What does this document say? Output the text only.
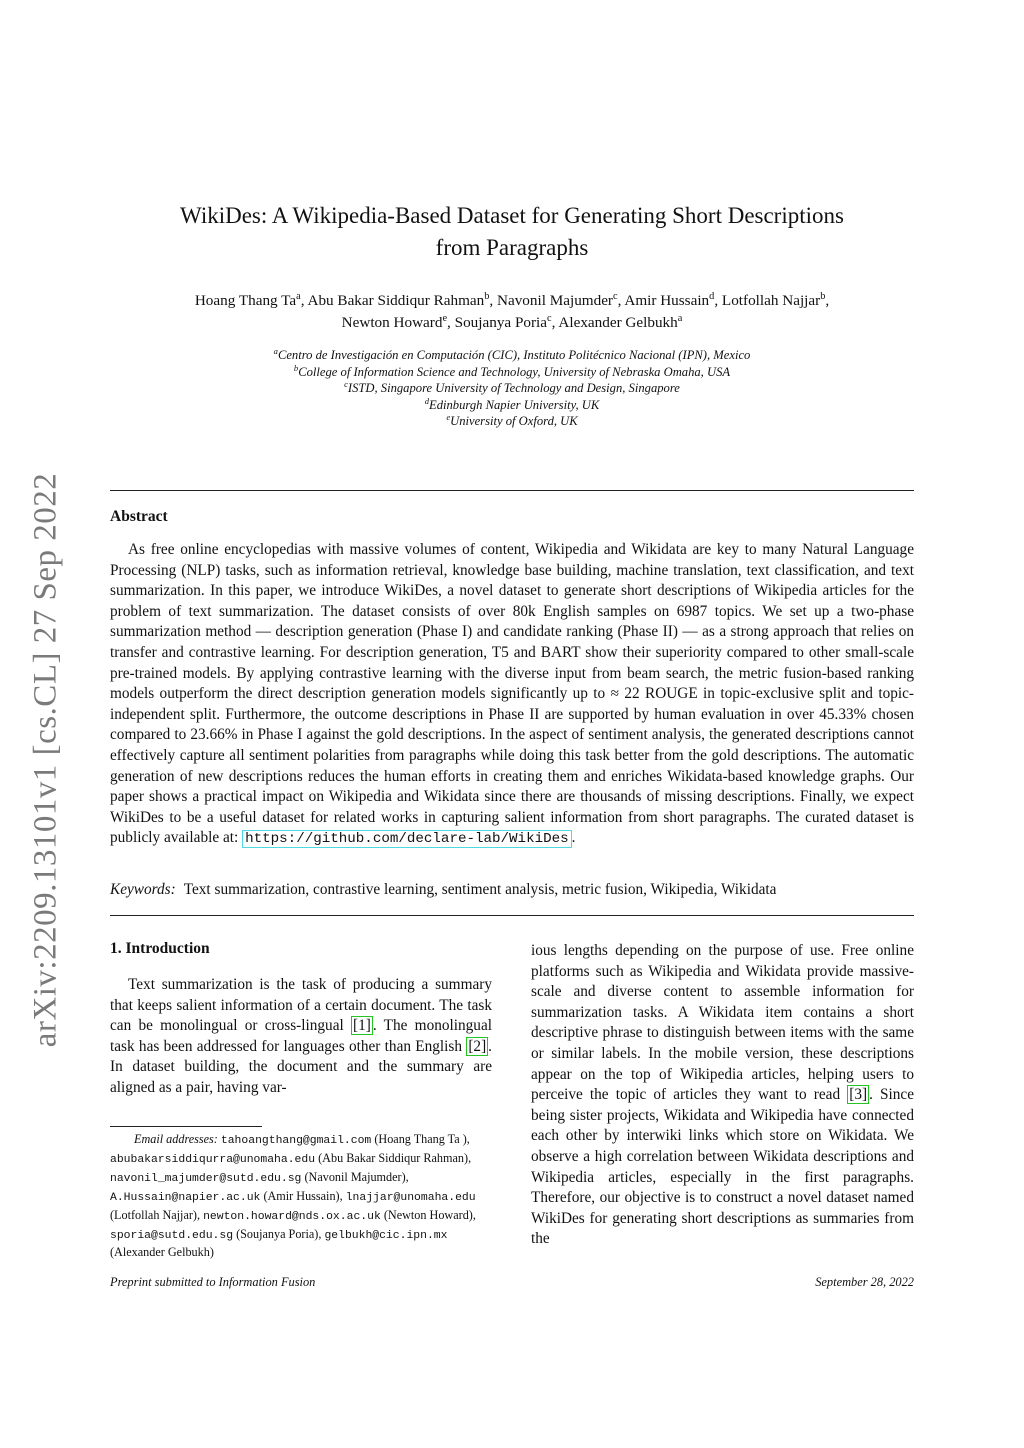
arXiv:2209.13101v1 [cs.CL] 27 Sep 2022
WikiDes: A Wikipedia-Based Dataset for Generating Short Descriptions
from Paragraphs
Hoang Thang Ta$^a$, Abu Bakar Siddiqur Rahman$^b$, Navonil Majumder$^c$, Amir Hussain$^d$, Lotfollah Najjar$^b$,
Newton Howard$^e$, Soujanya Poria$^c$, Alexander Gelbukh$^a$
$^a$Centro de Investigación en Computación (CIC), Instituto Politécnico Nacional (IPN), Mexico
$^b$College of Information Science and Technology, University of Nebraska Omaha, USA
$^c$ISTD, Singapore University of Technology and Design, Singapore
$^d$Edinburgh Napier University, UK
$^e$University of Oxford, UK
Abstract
As free online encyclopedias with massive volumes of content, Wikipedia and Wikidata are key to many Natural Language Processing (NLP) tasks, such as information retrieval, knowledge base building, machine translation, text classification, and text summarization. In this paper, we introduce WikiDes, a novel dataset to generate short descriptions of Wikipedia articles for the problem of text summarization. The dataset consists of over 80k English samples on 6987 topics. We set up a two-phase summarization method — description generation (Phase I) and candidate ranking (Phase II) — as a strong approach that relies on transfer and contrastive learning. For description generation, T5 and BART show their superiority compared to other small-scale pre-trained models. By applying contrastive learning with the diverse input from beam search, the metric fusion-based ranking models outperform the direct description generation models significantly up to ≈ 22 ROUGE in topic-exclusive split and topic-independent split. Furthermore, the outcome descriptions in Phase II are supported by human evaluation in over 45.33% chosen compared to 23.66% in Phase I against the gold descriptions. In the aspect of sentiment analysis, the generated descriptions cannot effectively capture all sentiment polarities from paragraphs while doing this task better from the gold descriptions. The automatic generation of new descriptions reduces the human efforts in creating them and enriches Wikidata-based knowledge graphs. Our paper shows a practical impact on Wikipedia and Wikidata since there are thousands of missing descriptions. Finally, we expect WikiDes to be a useful dataset for related works in capturing salient information from short paragraphs. The curated dataset is publicly available at: https://github.com/declare-lab/WikiDes .
Keywords: Text summarization, contrastive learning, sentiment analysis, metric fusion, Wikipedia, Wikidata
1. Introduction
Text summarization is the task of producing a summary that keeps salient information of a certain document. The task can be monolingual or cross-lingual [1] . The monolingual task has been addressed for languages other than English [2] . In dataset building, the document and the summary are aligned as a pair, having var-
ious lengths depending on the purpose of use. Free online platforms such as Wikipedia and Wikidata provide massive-scale and diverse content to assemble information for summarization tasks. A Wikidata item contains a short descriptive phrase to distinguish between items with the same or similar labels. In the mobile version, these descriptions appear on the top of Wikipedia articles, helping users to perceive the topic of articles they want to read [3] . Since being sister projects, Wikidata and Wikipedia have connected each other by interwiki links which store on Wikidata. We observe a high correlation between Wikidata descriptions and Wikipedia articles, especially in the first paragraphs. Therefore, our objective is to construct a novel dataset named WikiDes for generating short descriptions as summaries from the
Email addresses: tahoangthang@gmail.com (Hoang Thang Ta ), abubakarsiddiqurra@unomaha.edu (Abu Bakar Siddiqur Rahman), navonil_majumder@sutd.edu.sg (Navonil Majumder), A.Hussain@napier.ac.uk (Amir Hussain), lnajjar@unomaha.edu (Lotfollah Najjar), newton.howard@nds.ox.ac.uk (Newton Howard), sporia@sutd.edu.sg (Soujanya Poria), gelbukh@cic.ipn.mx (Alexander Gelbukh)
Preprint submitted to Information Fusion	September 28, 2022
